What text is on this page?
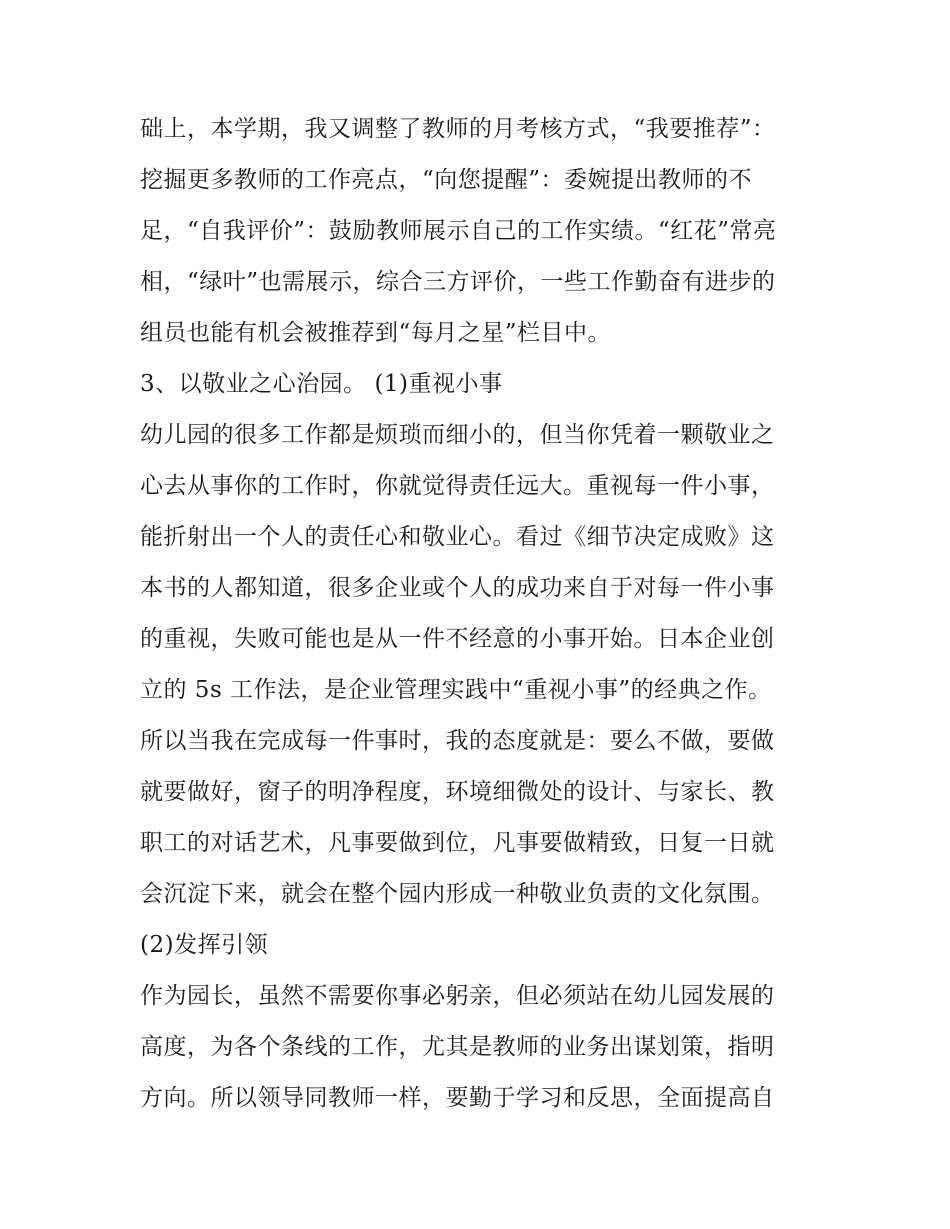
础上，本学期，我又调整了教师的月考核方式，“我要推荐”：
挖掘更多教师的工作亮点，“向您提醒”：委婉提出教师的不
足，“自我评价”：鼓励教师展示自己的工作实绩。“红花”常亮
相，“绿叶”也需展示，综合三方评价，一些工作勤奋有进步的
组员也能有机会被推荐到“每月之星”栏目中。
3、以敬业之心治园。 (1)重视小事
幼儿园的很多工作都是烦琐而细小的，但当你凭着一颗敬业之
心去从事你的工作时，你就觉得责任远大。重视每一件小事，
能折射出一个人的责任心和敬业心。看过《细节决定成败》这
本书的人都知道，很多企业或个人的成功来自于对每一件小事
的重视，失败可能也是从一件不经意的小事开始。日本企业创
立的 5s 工作法，是企业管理实践中“重视小事”的经典之作。
所以当我在完成每一件事时，我的态度就是：要么不做，要做
就要做好，窗子的明净程度，环境细微处的设计、与家长、教
职工的对话艺术，凡事要做到位，凡事要做精致，日复一日就
会沉淀下来，就会在整个园内形成一种敬业负责的文化氛围。
(2)发挥引领
作为园长，虽然不需要你事必躬亲，但必须站在幼儿园发展的
高度，为各个条线的工作，尤其是教师的业务出谋划策，指明
方向。所以领导同教师一样，要勤于学习和反思，全面提高自
